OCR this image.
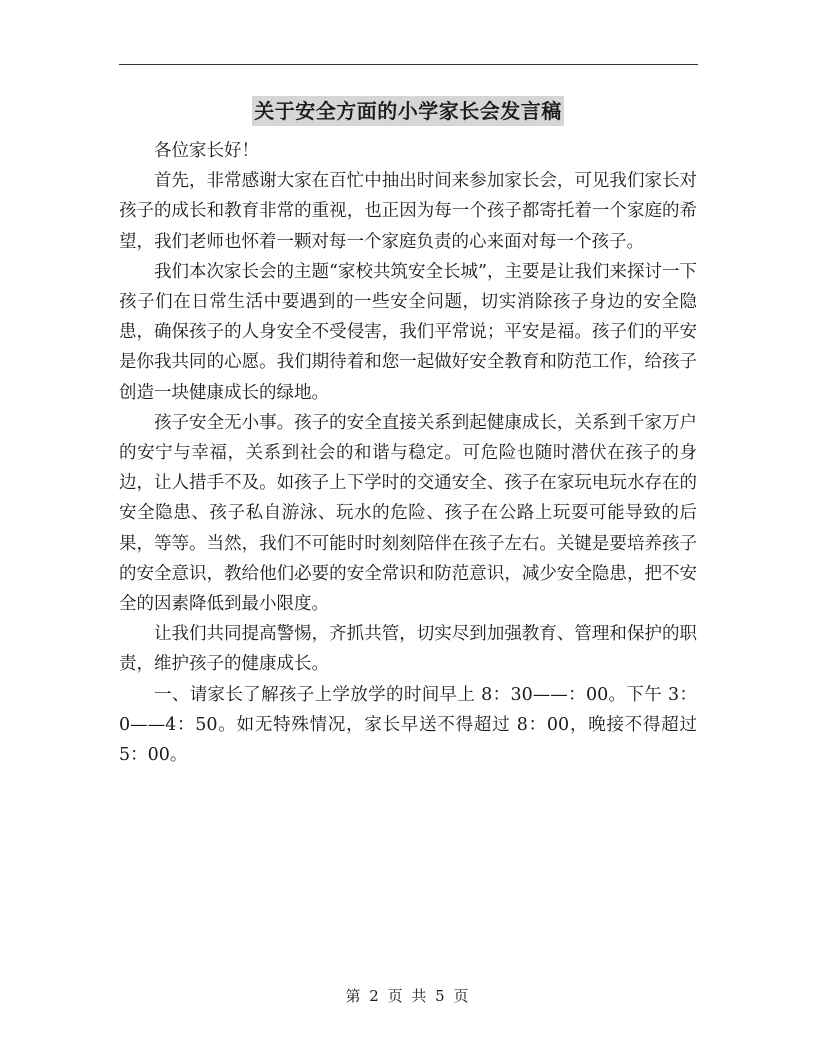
关于安全方面的小学家长会发言稿

各位家长好！

首先，非常感谢大家在百忙中抽出时间来参加家长会，可见我们家长对孩子的成长和教育非常的重视，也正因为每一个孩子都寄托着一个家庭的希望，我们老师也怀着一颗对每一个家庭负责的心来面对每一个孩子。

我们本次家长会的主题“家校共筑安全长城”，主要是让我们来探讨一下孩子们在日常生活中要遇到的一些安全问题，切实消除孩子身边的安全隐患，确保孩子的人身安全不受侵害，我们平常说；平安是福。孩子们的平安是你我共同的心愿。我们期待着和您一起做好安全教育和防范工作，给孩子创造一块健康成长的绿地。

孩子安全无小事。孩子的安全直接关系到起健康成长，关系到千家万户的安宁与幸福，关系到社会的和谐与稳定。可危险也随时潜伏在孩子的身边，让人措手不及。如孩子上下学时的交通安全、孩子在家玩电玩水存在的安全隐患、孩子私自游泳、玩水的危险、孩子在公路上玩耍可能导致的后果，等等。当然，我们不可能时时刻刻陪伴在孩子左右。关键是要培养孩子的安全意识，教给他们必要的安全常识和防范意识，减少安全隐患，把不安全的因素降低到最小限度。

让我们共同提高警惕，齐抓共管，切实尽到加强教育、管理和保护的职责，维护孩子的健康成长。

一、请家长了解孩子上学放学的时间早上 8：30——：00。下午 3：0——4：50。如无特殊情况，家长早送不得超过 8：00，晚接不得超过 5：00。

第 2 页 共 5 页
